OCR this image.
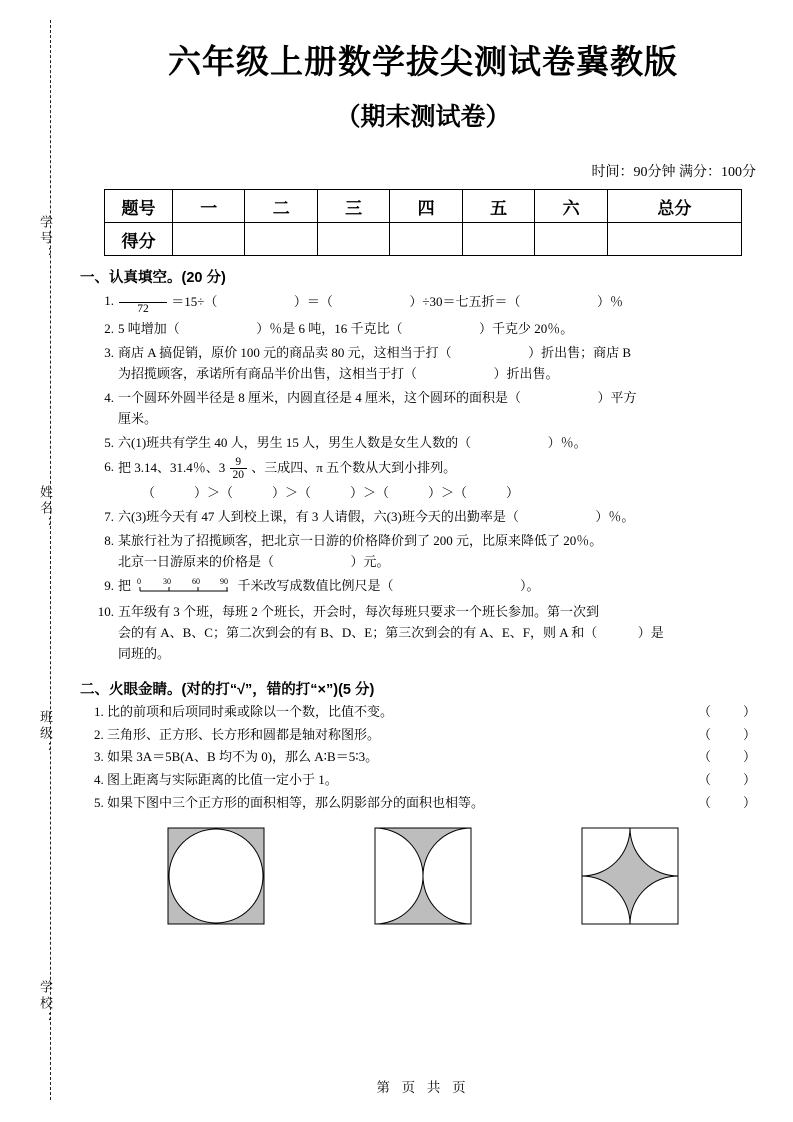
学号：
姓名：
班级：
学校：
六年级上册数学拔尖测试卷冀教版
（期末测试卷）
时间：90分钟 满分：100分
题号	一	二	三	四	五	六	总分
得分							
一、认真填空。(20 分)
1.

72
＝15÷（	）＝（	）÷30＝七五折＝（	）％
2. 5 吨增加（	）％是 6 吨，16 千克比（	）千克少 20％。
3. 商店 A 搞促销，原价 100 元的商品卖 80 元，这相当于打（	）折出售；商店 B
为招揽顾客，承诺所有商品半价出售，这相当于打（	）折出售。
4. 一个圆环外圆半径是 8 厘米，内圆直径是 4 厘米，这个圆环的面积是（	）平方
厘米。
5. 六(1)班共有学生 40 人，男生 15 人，男生人数是女生人数的（	）％。
6. 把 3.14、31.4％、$3 \frac{9}{20}$ 、三成四、π 五个数从大到小排列。
（　　　）＞（　　　）＞（　　　）＞（　　　）＞（　　　）
7. 六(3)班今天有 47 人到校上课，有 3 人请假，六(3)班今天的出勤率是（	）％。
8. 某旅行社为了招揽顾客，把北京一日游的价格降价到了 200 元，比原来降低了 20％。
北京一日游原来的价格是（	）元。
9. 把 0	30	60	90 千米改写成数值比例尺是（	）。
10. 五年级有 3 个班，每班 2 个班长，开会时，每次每班只要求一个班长参加。第一次到
会的有 A、B、C；第二次到会的有 B、D、E；第三次到会的有 A、E、F，则 A 和（	）是
同班的。
二、火眼金睛。(对的打“√”，错的打“×”)(5 分)
1. 比的前项和后项同时乘或除以一个数，比值不变。	（　　）
2. 三角形、正方形、长方形和圆都是轴对称图形。	（　　）
3. 如果 3A＝5B(A、B 均不为 0)，那么 A∶B＝5∶3。	（　　）
4. 图上距离与实际距离的比值一定小于 1。	（　　）
5. 如果下图中三个正方形的面积相等，那么阴影部分的面积也相等。	（　　）
第 页 共 页
